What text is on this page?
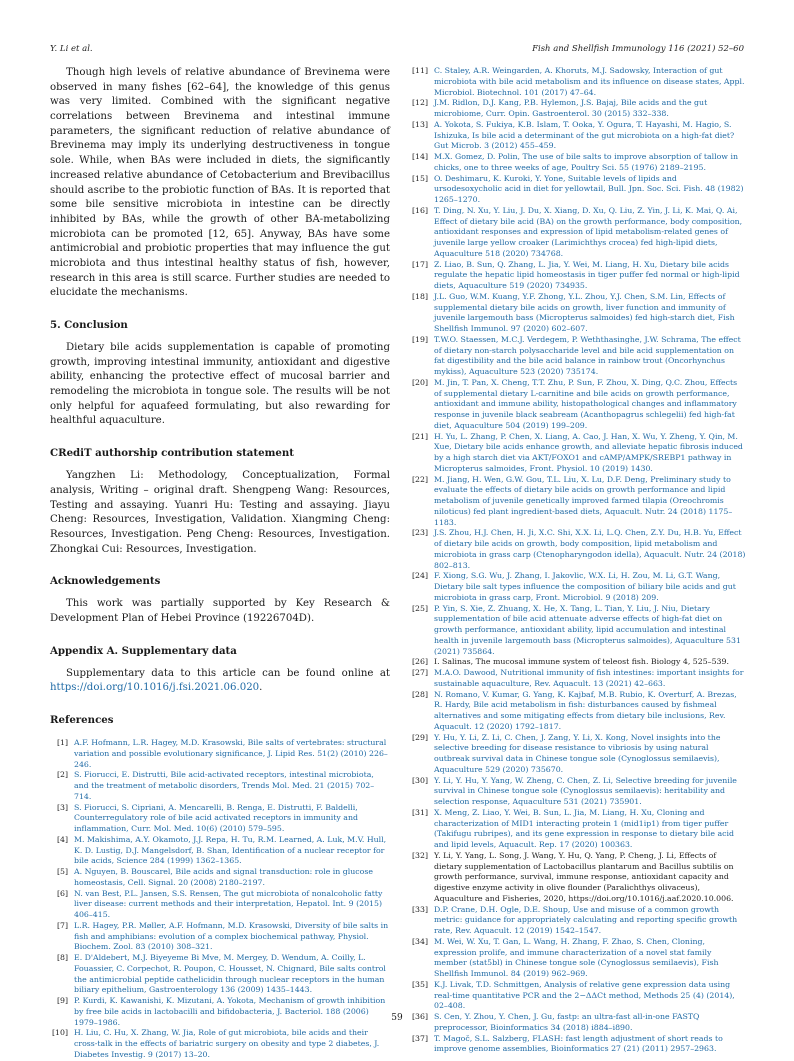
Y. Li et al.	Fish and Shellfish Immunology 116 (2021) 52–60

Though high levels of relative abundance of Brevinema were observed in many fishes [62–64], the knowledge of this genus was very limited. Combined with the significant negative correlations between Brevinema and intestinal immune parameters, the significant reduction of relative abundance of Brevinema may imply its underlying destructiveness in tongue sole. While, when BAs were included in diets, the significantly increased relative abundance of Cetobacterium and Brevibacillus should ascribe to the probiotic function of BAs. It is reported that some bile sensitive microbiota in intestine can be directly inhibited by BAs, while the growth of other BA-metabolizing microbiota can be promoted [12, 65]. Anyway, BAs have some antimicrobial and probiotic properties that may influence the gut microbiota and thus intestinal healthy status of fish, however, research in this area is still scarce. Further studies are needed to elucidate the mechanisms.

5. Conclusion

Dietary bile acids supplementation is capable of promoting growth, improving intestinal immunity, antioxidant and digestive ability, enhancing the protective effect of mucosal barrier and remodeling the microbiota in tongue sole. The results will be not only helpful for aquafeed formulating, but also rewarding for healthful aquaculture.

CRediT authorship contribution statement

Yangzhen Li: Methodology, Conceptualization, Formal analysis, Writing – original draft. Shengpeng Wang: Resources, Testing and assaying. Yuanri Hu: Testing and assaying. Jiayu Cheng: Resources, Investigation, Validation. Xiangming Cheng: Resources, Investigation. Peng Cheng: Resources, Investigation. Zhongkai Cui: Resources, Investigation.

Acknowledgements

This work was partially supported by Key Research & Development Plan of Hebei Province (19226704D).

Appendix A. Supplementary data

Supplementary data to this article can be found online at https://doi.org/10.1016/j.fsi.2021.06.020.

References

[1] A.F. Hofmann, L.R. Hagey, M.D. Krasowski, Bile salts of vertebrates: structural variation and possible evolutionary significance, J. Lipid Res. 51(2) (2010) 226–246.
[2] S. Fiorucci, E. Distrutti, Bile acid-activated receptors, intestinal microbiota, and the treatment of metabolic disorders, Trends Mol. Med. 21 (2015) 702–714.
[3] S. Fiorucci, S. Cipriani, A. Mencarelli, B. Renga, E. Distrutti, F. Baldelli, Counterregulatory role of bile acid activated receptors in immunity and inflammation, Curr. Mol. Med. 10(6) (2010) 579–595.
[4] M. Makishima, A.Y. Okamoto, J.J. Repa, H. Tu, R.M. Learned, A. Luk, M.V. Hull, K. D. Lustig, D.J. Mangelsdorf, B. Shan, Identification of a nuclear receptor for bile acids, Science 284 (1999) 1362–1365.
[5] A. Nguyen, B. Bouscarel, Bile acids and signal transduction: role in glucose homeostasis, Cell. Signal. 20 (2008) 2180–2197.
[6] N. van Best, P.L. Jansen, S.S. Rensen, The gut microbiota of nonalcoholic fatty liver disease: current methods and their interpretation, Hepatol. Int. 9 (2015) 406–415.
[7] L.R. Hagey, P.R. Møller, A.F. Hofmann, M.D. Krasowski, Diversity of bile salts in fish and amphibians: evolution of a complex biochemical pathway, Physiol. Biochem. Zool. 83 (2010) 308–321.
[8] E. D'Aldebert, M.J. Biyeyeme Bi Mve, M. Mergey, D. Wendum, A. Coilly, L. Fouassier, C. Corpechot, R. Poupon, C. Housset, N. Chignard, Bile salts control the antimicrobial peptide cathelicidin through nuclear receptors in the human biliary epithelium, Gastroenterology 136 (2009) 1435–1443.
[9] P. Kurdi, K. Kawanishi, K. Mizutani, A. Yokota, Mechanism of growth inhibition by free bile acids in lactobacilli and bifidobacteria, J. Bacteriol. 188 (2006) 1979–1986.
[10] H. Liu, C. Hu, X. Zhang, W. Jia, Role of gut microbiota, bile acids and their cross-talk in the effects of bariatric surgery on obesity and type 2 diabetes, J. Diabetes Investig. 9 (2017) 13–20.
[11] C. Staley, A.R. Weingarden, A. Khoruts, M.J. Sadowsky, Interaction of gut microbiota with bile acid metabolism and its influence on disease states, Appl. Microbiol. Biotechnol. 101 (2017) 47–64.
[12] J.M. Ridlon, D.J. Kang, P.B. Hylemon, J.S. Bajaj, Bile acids and the gut microbiome, Curr. Opin. Gastroenterol. 30 (2015) 332–338.
[13] A. Yokota, S. Fukiya, K.B. Islam, T. Ooka, Y. Ogura, T. Hayashi, M. Hagio, S. Ishizuka, Is bile acid a determinant of the gut microbiota on a high-fat diet? Gut Microb. 3 (2012) 455–459.
[14] M.X. Gomez, D. Polin, The use of bile salts to improve absorption of tallow in chicks, one to three weeks of age, Poultry Sci. 55 (1976) 2189–2195.
[15] O. Deshimaru, K. Kuroki, Y. Yone, Suitable levels of lipids and ursodesoxycholic acid in diet for yellowtail, Bull. Jpn. Soc. Sci. Fish. 48 (1982) 1265–1270.
[16] T. Ding, N. Xu, Y. Liu, J. Du, X. Xiang, D. Xu, Q. Liu, Z. Yin, J. Li, K. Mai, Q. Ai, Effect of dietary bile acid (BA) on the growth performance, body composition, antioxidant responses and expression of lipid metabolism-related genes of juvenile large yellow croaker (Larimichthys crocea) fed high-lipid diets, Aquaculture 518 (2020) 734768.
[17] Z. Liao, B. Sun, Q. Zhang, L. Jia, Y. Wei, M. Liang, H. Xu, Dietary bile acids regulate the hepatic lipid homeostasis in tiger puffer fed normal or high-lipid diets, Aquaculture 519 (2020) 734935.
[18] J.L. Guo, W.M. Kuang, Y.F. Zhong, Y.L. Zhou, Y.J. Chen, S.M. Lin, Effects of supplemental dietary bile acids on growth, liver function and immunity of juvenile largemouth bass (Micropterus salmoides) fed high-starch diet, Fish Shellfish Immunol. 97 (2020) 602–607.
[19] T.W.O. Staessen, M.C.J. Verdegem, P. Weththasinghe, J.W. Schrama, The effect of dietary non-starch polysaccharide level and bile acid supplementation on fat digestibility and the bile acid balance in rainbow trout (Oncorhynchus mykiss), Aquaculture 523 (2020) 735174.
[20] M. Jin, T. Pan, X. Cheng, T.T. Zhu, P. Sun, F. Zhou, X. Ding, Q.C. Zhou, Effects of supplemental dietary L-carnitine and bile acids on growth performance, antioxidant and immune ability, histopathological changes and inflammatory response in juvenile black seabream (Acanthopagrus schlegelii) fed high-fat diet, Aquaculture 504 (2019) 199–209.
[21] H. Yu, L. Zhang, P. Chen, X. Liang, A. Cao, J. Han, X. Wu, Y. Zheng, Y. Qin, M. Xue, Dietary bile acids enhance growth, and alleviate hepatic fibrosis induced by a high starch diet via AKT/FOXO1 and cAMP/AMPK/SREBP1 pathway in Micropterus salmoides, Front. Physiol. 10 (2019) 1430.
[22] M. Jiang, H. Wen, G.W. Gou, T.L. Liu, X. Lu, D.F. Deng, Preliminary study to evaluate the effects of dietary bile acids on growth performance and lipid metabolism of juvenile genetically improved farmed tilapia (Oreochromis niloticus) fed plant ingredient-based diets, Aquacult. Nutr. 24 (2018) 1175–1183.
[23] J.S. Zhou, H.J. Chen, H. Ji, X.C. Shi, X.X. Li, L.Q. Chen, Z.Y. Du, H.B. Yu, Effect of dietary bile acids on growth, body composition, lipid metabolism and microbiota in grass carp (Ctenopharyngodon idella), Aquacult. Nutr. 24 (2018) 802–813.
[24] F. Xiong, S.G. Wu, J. Zhang, I. Jakovlic, W.X. Li, H. Zou, M. Li, G.T. Wang, Dietary bile salt types influence the composition of biliary bile acids and gut microbiota in grass carp, Front. Microbiol. 9 (2018) 209.
[25] P. Yin, S. Xie, Z. Zhuang, X. He, X. Tang, L. Tian, Y. Liu, J. Niu, Dietary supplementation of bile acid attenuate adverse effects of high-fat diet on growth performance, antioxidant ability, lipid accumulation and intestinal health in juvenile largemouth bass (Micropterus salmoides), Aquaculture 531 (2021) 735864.
[26] I. Salinas, The mucosal immune system of teleost fish. Biology 4, 525–539.
[27] M.A.O. Dawood, Nutritional immunity of fish intestines: important insights for sustainable aquaculture, Rev. Aquacult. 13 (2021) 42–663.
[28] N. Romano, V. Kumar, G. Yang, K. Kajbaf, M.B. Rubio, K. Overturf, A. Brezas, R. Hardy, Bile acid metabolism in fish: disturbances caused by fishmeal alternatives and some mitigating effects from dietary bile inclusions, Rev. Aquacult. 12 (2020) 1792–1817.
[29] Y. Hu, Y. Li, Z. Li, C. Chen, J. Zang, Y. Li, X. Kong, Novel insights into the selective breeding for disease resistance to vibriosis by using natural outbreak survival data in Chinese tongue sole (Cynoglossus semilaevis), Aquaculture 529 (2020) 735670.
[30] Y. Li, Y. Hu, Y. Yang, W. Zheng, C. Chen, Z. Li, Selective breeding for juvenile survival in Chinese tongue sole (Cynoglossus semilaevis): heritability and selection response, Aquaculture 531 (2021) 735901.
[31] X. Meng, Z. Liao, Y. Wei, B. Sun, L. Jia, M. Liang, H. Xu, Cloning and characterization of MID1 interacting protein 1 (mid1ip1) from tiger puffer (Takifugu rubripes), and its gene expression in response to dietary bile acid and lipid levels, Aquacult. Rep. 17 (2020) 100363.
[32] Y. Li, Y. Yang, L. Song, J. Wang, Y. Hu, Q. Yang, P. Cheng, J. Li, Effects of dietary supplementation of Lactobacillus plantarum and Bacillus subtilis on growth performance, survival, immune response, antioxidant capacity and digestive enzyme activity in olive flounder (Paralichthys olivaceus), Aquaculture and Fisheries, 2020, https://doi.org/10.1016/j.aaf.2020.10.006.
[33] D.P. Crane, D.H. Ogle, D.E. Shoup, Use and misuse of a common growth metric: guidance for appropriately calculating and reporting specific growth rate, Rev. Aquacult. 12 (2019) 1542–1547.
[34] M. Wei, W. Xu, T. Gan, L. Wang, H. Zhang, F. Zhao, S. Chen, Cloning, expression prolife, and immune characterization of a novel stat family member (stat5bl) in Chinese tongue sole (Cynoglossus semilaevis), Fish Shellfish Immunol. 84 (2019) 962–969.
[35] K.J. Livak, T.D. Schmittgen, Analysis of relative gene expression data using real-time quantitative PCR and the 2−ΔΔCt method, Methods 25 (4) (2014), 02–408.
[36] S. Cen, Y. Zhou, Y. Chen, J. Gu, fastp: an ultra-fast all-in-one FASTQ preprocessor, Bioinformatics 34 (2018) i884–i890.
[37] T. Magoč, S.L. Salzberg, FLASH: fast length adjustment of short reads to improve genome assemblies, Bioinformatics 27 (21) (2011) 2957–2963.
59
